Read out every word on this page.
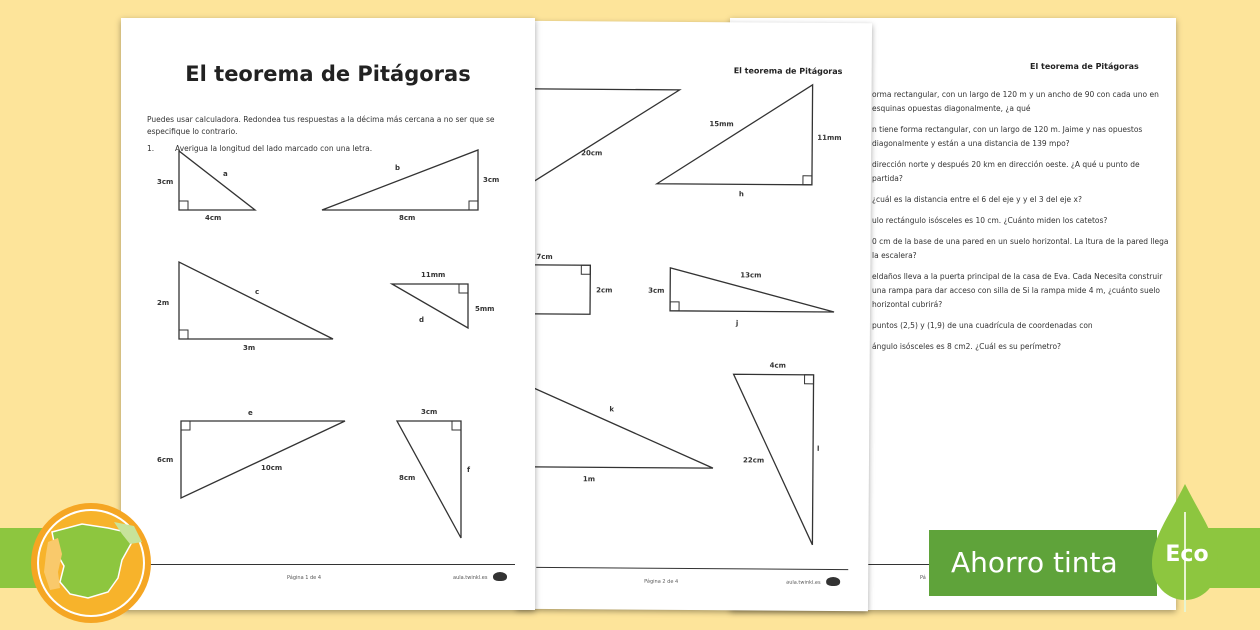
El teorema de Pitágoras

orma rectangular, con un largo de 120 m y un ancho de 90 con cada uno en esquinas opuestas diagonalmente, ¿a qué

n tiene forma rectangular, con un largo de 120 m. Jaime y nas opuestos diagonalmente y están a una distancia de 139 mpo?

dirección norte y después 20 km en dirección oeste. ¿A qué u punto de partida?

¿cuál es la distancia entre el 6 del eje y y el 3 del eje x?

ulo rectángulo isósceles es 10 cm. ¿Cuánto miden los catetos?

0 cm de la base de una pared en un suelo horizontal. La ltura de la pared llega la escalera?

eldaños lleva a la puerta principal de la casa de Eva. Cada Necesita construir una rampa para dar acceso con silla de Si la rampa mide 4 m, ¿cuánto suelo horizontal cubrirá?

puntos (2,5) y (1,9) de una cuadrícula de coordenadas con

ángulo isósceles es 8 cm2. ¿Cuál es su perímetro?

Pá
El teorema de Pitágoras
20cm
15mm
11mm
h
7cm
2cm
13cm
3cm
j
k
1m
4cm
22cm
l
Página 2 de 4	aula.twinkl.es
El teorema de Pitágoras
Puedes usar calculadora. Redondea tus respuestas a la décima más cercana a no ser que se especifique lo contrario.
1.	Averigua la longitud del lado marcado con una letra.
3cm
4cm
a
b
3cm
8cm
2m
c
3m
11mm
5mm
d
e
6cm
10cm
3cm
8cm
f
Página 1 de 4	aula.twinkl.es	Ahorro tinta	Eco
